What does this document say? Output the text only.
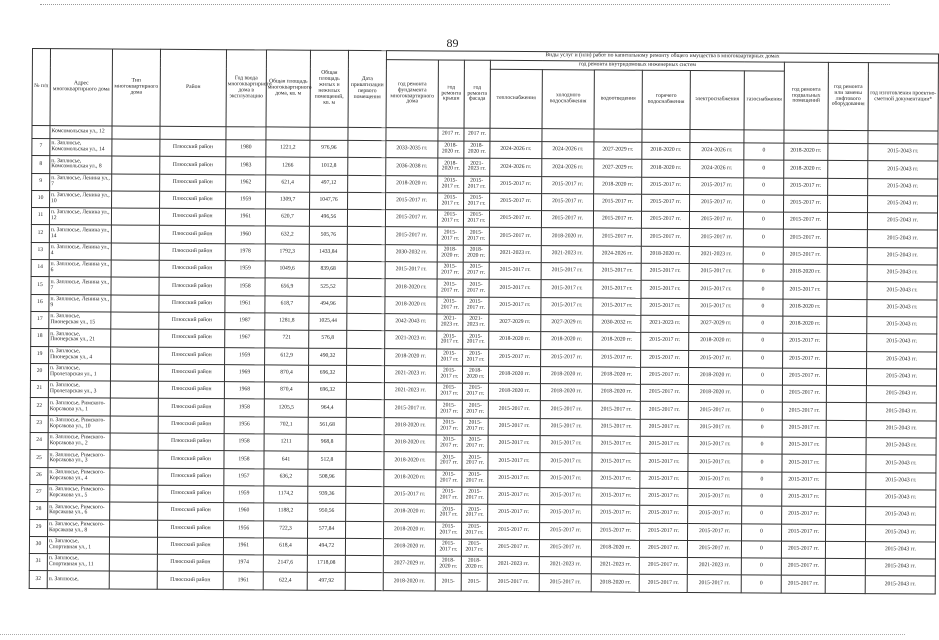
89
№ п/п	Адрес многоквартирного дома	Тип многоквартирного дома	Район	Год ввода многоквартирного дома в эксплуатацию	Общая площадь многоквартирного дома, кв. м	Общая площадь жилых и нежилых помещений, кв. м	Дата приватизации первого помещения	Виды услуг и (или) работ по капитальному ремонту общего имущества в многоквартирных домах											
								год ремонта фундамента многоквартирного дома	год ремонта крыши	год ремонта фасада	год ремонта внутридомовых инженерных систем						год ремонта подвальных помещений	год ремонта или замены лифтового оборудования	год изготовления проектно-сметной документации*
											теплоснабжения	холодного водоснабжения	водоотведения	горячего водоснабжения	электроснабжения	газоснабжения			
	Комсомольская ул., 12								2017 гг.	2017 гг.									
7	п. Заплюсье, Комсомольская ул., 14		Плюсский район	1980	1221,2	976,96		2033-2035 гг.	2018-2020 гг.	2018-2020 гг.	2024-2026 гг.	2024-2026 гг.	2027-2029 гг.	2018-2020 гг.	2024-2026 гг.	0	2018-2020 гг.		2015-2043 гг.
8	п. Заплюсье, Комсомольская ул., 8		Плюсский район	1983	1266	1012,8		2036-2038 гг.	2018-2020 гг.	2021-2023 гг.	2024-2026 гг.	2024-2026 гг.	2027-2029 гг.	2018-2020 гг.	2024-2026 гг.	0	2018-2020 гг.		2015-2043 гг.
9	п. Заплюсье, Ленина ул., 7		Плюсский район	1962	621,4	497,12		2018-2020 гг.	2015-2017 гг.	2015-2017 гг.	2015-2017 гг.	2015-2017 гг.	2018-2020 гг.	2015-2017 гг.	2015-2017 гг.	0	2015-2017 гг.		2015-2043 гг.
10	п. Заплюсье, Ленина ул., 10		Плюсский район	1959	1309,7	1047,76		2015-2017 гг.	2015-2017 гг.	2015-2017 гг.	2015-2017 гг.	2015-2017 гг.	2015-2017 гг.	2015-2017 гг.	2015-2017 гг.	0	2015-2017 гг.		2015-2043 гг.
11	п. Заплюсье, Ленина ул., 12		Плюсский район	1961	620,7	496,56		2015-2017 гг.	2015-2017 гг.	2015-2017 гг.	2015-2017 гг.	2015-2017 гг.	2015-2017 гг.	2015-2017 гг.	2015-2017 гг.	0	2015-2017 гг.		2015-2043 гг.
12	п. Заплюсье, Ленина ул., 14		Плюсский район	1960	632,2	505,76		2015-2017 гг.	2015-2017 гг.	2015-2017 гг.	2015-2017 гг.	2018-2020 гг.	2015-2017 гг.	2015-2017 гг.	2015-2017 гг.	0	2015-2017 гг.		2015-2043 гг.
13	п. Заплюсье, Ленина ул., 4		Плюсский район	1978	1792,3	1433,84		2030-2032 гг.	2018-2020 гг.	2018-2020 гг.	2021-2023 гг.	2021-2023 гг.	2024-2026 гг.	2018-2020 гг.	2021-2023 гг.	0	2015-2017 гг.		2015-2043 гг.
14	п. Заплюсье, Ленина ул., 6		Плюсский район	1959	1049,6	839,68		2015-2017 гг.	2015-2017 гг.	2015-2017 гг.	2015-2017 гг.	2015-2017 гг.	2015-2017 гг.	2015-2017 гг.	2015-2017 гг.	0	2018-2020 гг.		2015-2043 гг.
15	п. Заплюсье, Ленина ул., 7		Плюсский район	1958	656,9	525,52		2018-2020 гг.	2015-2017 гг.	2015-2017 гг.	2015-2017 гг.	2015-2017 гг.	2015-2017 гг.	2015-2017 гг.	2015-2017 гг.	0	2015-2017 гг.		2015-2043 гг.
16	п. Заплюсье, Ленина ул., 9		Плюсский район	1961	618,7	494,96		2018-2020 гг.	2015-2017 гг.	2015-2017 гг.	2015-2017 гг.	2015-2017 гг.	2015-2017 гг.	2015-2017 гг.	2015-2017 гг.	0	2018-2020 гг.		2015-2043 гг.
17	п. Заплюсье, Пионерская ул., 15		Плюсский район	1987	1281,8	1025,44		2042-2043 гг.	2021-2023 гг.	2021-2023 гг.	2027-2029 гг.	2027-2029 гг.	2030-2032 гг.	2021-2023 гг.	2027-2029 гг.	0	2018-2020 гг.		2015-2043 гг.
18	п. Заплюсье, Пионерская ул., 21		Плюсский район	1967	721	576,8		2021-2023 гг.	2015-2017 гг.	2015-2017 гг.	2018-2020 гг.	2018-2020 гг.	2018-2020 гг.	2015-2017 гг.	2018-2020 гг.	0	2015-2017 гг.		2015-2043 гг.
19	п. Заплюсье, Пионерская ул., 4		Плюсский район	1959	612,9	490,32		2018-2020 гг.	2015-2017 гг.	2015-2017 гг.	2015-2017 гг.	2015-2017 гг.	2015-2017 гг.	2015-2017 гг.	2015-2017 гг.	0	2015-2017 гг.		2015-2043 гг.
20	п. Заплюсье, Пролетарская ул., 1		Плюсский район	1969	870,4	696,32		2021-2023 гг.	2015-2017 гг.	2018-2020 гг.	2018-2020 гг.	2018-2020 гг.	2018-2020 гг.	2015-2017 гг.	2018-2020 гг.	0	2015-2017 гг.		2015-2043 гг.
21	п. Заплюсье, Пролетарская ул., 3		Плюсский район	1968	870,4	696,32		2021-2023 гг.	2015-2017 гг.	2015-2017 гг.	2018-2020 гг.	2018-2020 гг.	2018-2020 гг.	2015-2017 гг.	2018-2020 гг.	0	2015-2017 гг.		2015-2043 гг.
22	п. Заплюсье, Римского-Корсакова ул., 1		Плюсский район	1958	1205,5	964,4		2015-2017 гг.	2015-2017 гг.	2015-2017 гг.	2015-2017 гг.	2015-2017 гг.	2015-2017 гг.	2015-2017 гг.	2015-2017 гг.	0	2015-2017 гг.		2015-2043 гг.
23	п. Заплюсье, Римского-Корсакова ул., 10		Плюсский район	1956	702,1	561,68		2018-2020 гг.	2015-2017 гг.	2015-2017 гг.	2015-2017 гг.	2015-2017 гг.	2015-2017 гг.	2015-2017 гг.	2015-2017 гг.	0	2015-2017 гг.		2015-2043 гг.
24	п. Заплюсье, Римского-Корсакова ул., 2		Плюсский район	1958	1211	968,8		2018-2020 гг.	2015-2017 гг.	2015-2017 гг.	2015-2017 гг.	2015-2017 гг.	2015-2017 гг.	2015-2017 гг.	2015-2017 гг.	0	2015-2017 гг.		2015-2043 гг.
25	п. Заплюсье, Римского-Корсакова ул., 3		Плюсский район	1958	641	512,8		2018-2020 гг.	2015-2017 гг.	2015-2017 гг.	2015-2017 гг.	2015-2017 гг.	2015-2017 гг.	2015-2017 гг.	2015-2017 гг.	0	2015-2017 гг.		2015-2043 гг.
26	п. Заплюсье, Римского-Корсакова ул., 4		Плюсский район	1957	636,2	508,96		2018-2020 гг.	2015-2017 гг.	2015-2017 гг.	2015-2017 гг.	2015-2017 гг.	2015-2017 гг.	2015-2017 гг.	2015-2017 гг.	0	2015-2017 гг.		2015-2043 гг.
27	п. Заплюсье, Римского-Корсакова ул., 5		Плюсский район	1959	1174,2	939,36		2015-2017 гг.	2015-2017 гг.	2015-2017 гг.	2015-2017 гг.	2015-2017 гг.	2015-2017 гг.	2015-2017 гг.	2015-2017 гг.	0	2015-2017 гг.		2015-2043 гг.
28	п. Заплюсье, Римского-Корсакова ул., 6		Плюсский район	1960	1188,2	950,56		2018-2020 гг.	2015-2017 гг.	2015-2017 гг.	2015-2017 гг.	2015-2017 гг.	2015-2017 гг.	2015-2017 гг.	2015-2017 гг.	0	2015-2017 гг.		2015-2043 гг.
29	п. Заплюсье, Римского-Корсакова ул., 8		Плюсский район	1956	722,3	577,84		2018-2020 гг.	2015-2017 гг.	2015-2017 гг.	2015-2017 гг.	2015-2017 гг.	2015-2017 гг.	2015-2017 гг.	2015-2017 гг.	0	2015-2017 гг.		2015-2043 гг.
30	п. Заплюсье, Спортивная ул., 1		Плюсский район	1961	618,4	494,72		2018-2020 гг.	2015-2017 гг.	2015-2017 гг.	2015-2017 гг.	2015-2017 гг.	2018-2020 гг.	2015-2017 гг.	2015-2017 гг.	0	2015-2017 гг.		2015-2043 гг.
31	п. Заплюсье, Спортивная ул., 11		Плюсский район	1974	2147,6	1718,08		2027-2029 гг.	2018-2020 гг.	2018-2020 гг.	2021-2023 гг.	2021-2023 гг.	2021-2023 гг.	2015-2017 гг.	2021-2023 гг.	0	2015-2017 гг.		2015-2043 гг.
32	п. Заплюсье,		Плюсский район	1961	622,4	497,92		2018-2020 гг.	2015-	2015-	2015-2017 гг.	2015-2017 гг.	2018-2020 гг.	2015-2017 гг.	2015-2017 гг.	0	2015-2017 гг.		2015-2043 гг.
